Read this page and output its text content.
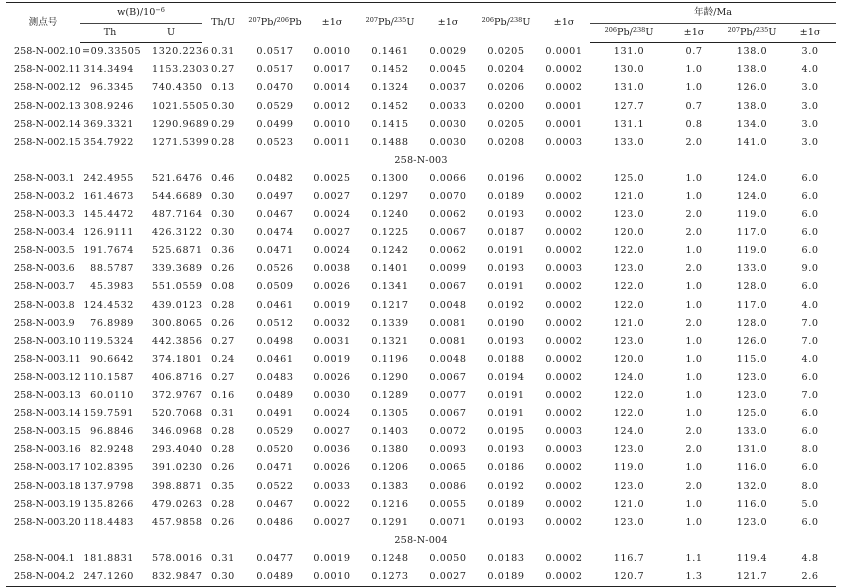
测点号	$w(B)/10^{-6}$		Th/U	$^{207}$Pb/$^{206}$Pb	±1σ	$^{207}$Pb/$^{235}$U	±1σ	$^{206}$Pb/$^{238}$U	±1σ	年龄/Ma			
	Th	U								$^{206}$Pb/$^{238}$U	±1σ	$^{207}$Pb/$^{235}$U	±1σ
258-N-002.10	=09.33505	1320.2236	0.31	0.0517	0.0010	0.1461	0.0029	0.0205	0.0001	131.0	0.7	138.0	3.0
258-N-002.11	314.3494	1153.2303	0.27	0.0517	0.0017	0.1452	0.0045	0.0204	0.0002	130.0	1.0	138.0	4.0
258-N-002.12	96.3345	740.4350	0.13	0.0470	0.0014	0.1324	0.0037	0.0206	0.0002	131.0	1.0	126.0	3.0
258-N-002.13	308.9246	1021.5505	0.30	0.0529	0.0012	0.1452	0.0033	0.0200	0.0001	127.7	0.7	138.0	3.0
258-N-002.14	369.3321	1290.9689	0.29	0.0499	0.0010	0.1415	0.0030	0.0205	0.0001	131.1	0.8	134.0	3.0
258-N-002.15	354.7922	1271.5399	0.28	0.0523	0.0011	0.1488	0.0030	0.0208	0.0003	133.0	2.0	141.0	3.0
258-N-003													
258-N-003.1	242.4955	521.6476	0.46	0.0482	0.0025	0.1300	0.0066	0.0196	0.0002	125.0	1.0	124.0	6.0
258-N-003.2	161.4673	544.6689	0.30	0.0497	0.0027	0.1297	0.0070	0.0189	0.0002	121.0	1.0	124.0	6.0
258-N-003.3	145.4472	487.7164	0.30	0.0467	0.0024	0.1240	0.0062	0.0193	0.0002	123.0	2.0	119.0	6.0
258-N-003.4	126.9111	426.3122	0.30	0.0474	0.0027	0.1225	0.0067	0.0187	0.0002	120.0	2.0	117.0	6.0
258-N-003.5	191.7674	525.6871	0.36	0.0471	0.0024	0.1242	0.0062	0.0191	0.0002	122.0	1.0	119.0	6.0
258-N-003.6	88.5787	339.3689	0.26	0.0526	0.0038	0.1401	0.0099	0.0193	0.0003	123.0	2.0	133.0	9.0
258-N-003.7	45.3983	551.0559	0.08	0.0509	0.0026	0.1341	0.0067	0.0191	0.0002	122.0	1.0	128.0	6.0
258-N-003.8	124.4532	439.0123	0.28	0.0461	0.0019	0.1217	0.0048	0.0192	0.0002	122.0	1.0	117.0	4.0
258-N-003.9	76.8989	300.8065	0.26	0.0512	0.0032	0.1339	0.0081	0.0190	0.0002	121.0	2.0	128.0	7.0
258-N-003.10	119.5324	442.3856	0.27	0.0498	0.0031	0.1321	0.0081	0.0193	0.0002	123.0	1.0	126.0	7.0
258-N-003.11	90.6642	374.1801	0.24	0.0461	0.0019	0.1196	0.0048	0.0188	0.0002	120.0	1.0	115.0	4.0
258-N-003.12	110.1587	406.8716	0.27	0.0483	0.0026	0.1290	0.0067	0.0194	0.0002	124.0	1.0	123.0	6.0
258-N-003.13	60.0110	372.9767	0.16	0.0489	0.0030	0.1289	0.0077	0.0191	0.0002	122.0	1.0	123.0	7.0
258-N-003.14	159.7591	520.7068	0.31	0.0491	0.0024	0.1305	0.0067	0.0191	0.0002	122.0	1.0	125.0	6.0
258-N-003.15	96.8846	346.0968	0.28	0.0529	0.0027	0.1403	0.0072	0.0195	0.0003	124.0	2.0	133.0	6.0
258-N-003.16	82.9248	293.4040	0.28	0.0520	0.0036	0.1380	0.0093	0.0193	0.0003	123.0	2.0	131.0	8.0
258-N-003.17	102.8395	391.0230	0.26	0.0471	0.0026	0.1206	0.0065	0.0186	0.0002	119.0	1.0	116.0	6.0
258-N-003.18	137.9798	398.8871	0.35	0.0522	0.0033	0.1383	0.0086	0.0192	0.0002	123.0	2.0	132.0	8.0
258-N-003.19	135.8266	479.0263	0.28	0.0467	0.0022	0.1216	0.0055	0.0189	0.0002	121.0	1.0	116.0	5.0
258-N-003.20	118.4483	457.9858	0.26	0.0486	0.0027	0.1291	0.0071	0.0193	0.0002	123.0	1.0	123.0	6.0
258-N-004													
258-N-004.1	181.8831	578.0016	0.31	0.0477	0.0019	0.1248	0.0050	0.0183	0.0002	116.7	1.1	119.4	4.8
258-N-004.2	247.1260	832.9847	0.30	0.0489	0.0010	0.1273	0.0027	0.0189	0.0002	120.7	1.3	121.7	2.6
